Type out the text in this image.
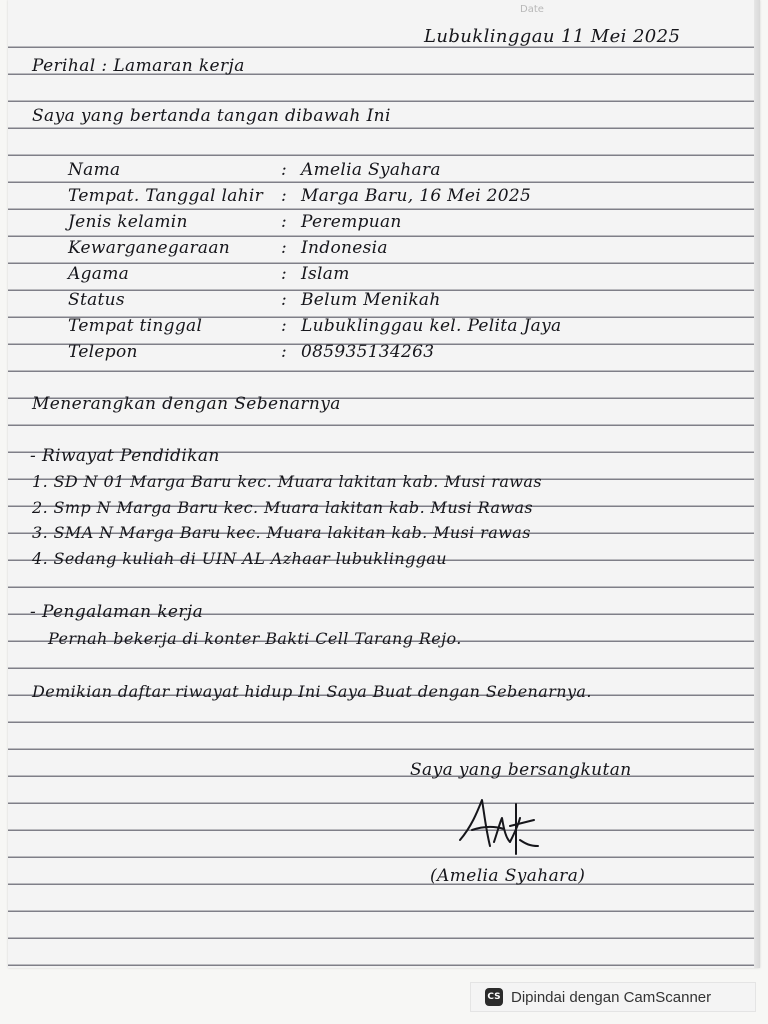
Date
Lubuklinggau 11 Mei 2025
Perihal : Lamaran kerja
Saya yang bertanda tangan dibawah Ini
Nama	: Amelia Syahara
Tempat. Tanggal lahir : Marga Baru, 16 Mei 2025
Jenis kelamin	: Perempuan
Kewarganegaraan	: Indonesia
Agama	: Islam
Status	: Belum Menikah
Tempat tinggal	: Lubuklinggau kel. Pelita Jaya
Telepon	: 085935134263
Menerangkan dengan Sebenarnya
- Riwayat Pendidikan
1. SD N 01 Marga Baru kec. Muara lakitan kab. Musi rawas
2. Smp N Marga Baru kec. Muara lakitan kab. Musi Rawas
3. SMA N Marga Baru kec. Muara lakitan kab. Musi rawas
4. Sedang kuliah di UIN AL Azhaar lubuklinggau
- Pengalaman kerja
Pernah bekerja di konter Bakti Cell Tarang Rejo.
Demikian daftar riwayat hidup Ini Saya Buat dengan Sebenarnya.
Saya yang bersangkutan
(Amelia Syahara)
CS Dipindai dengan CamScanner
